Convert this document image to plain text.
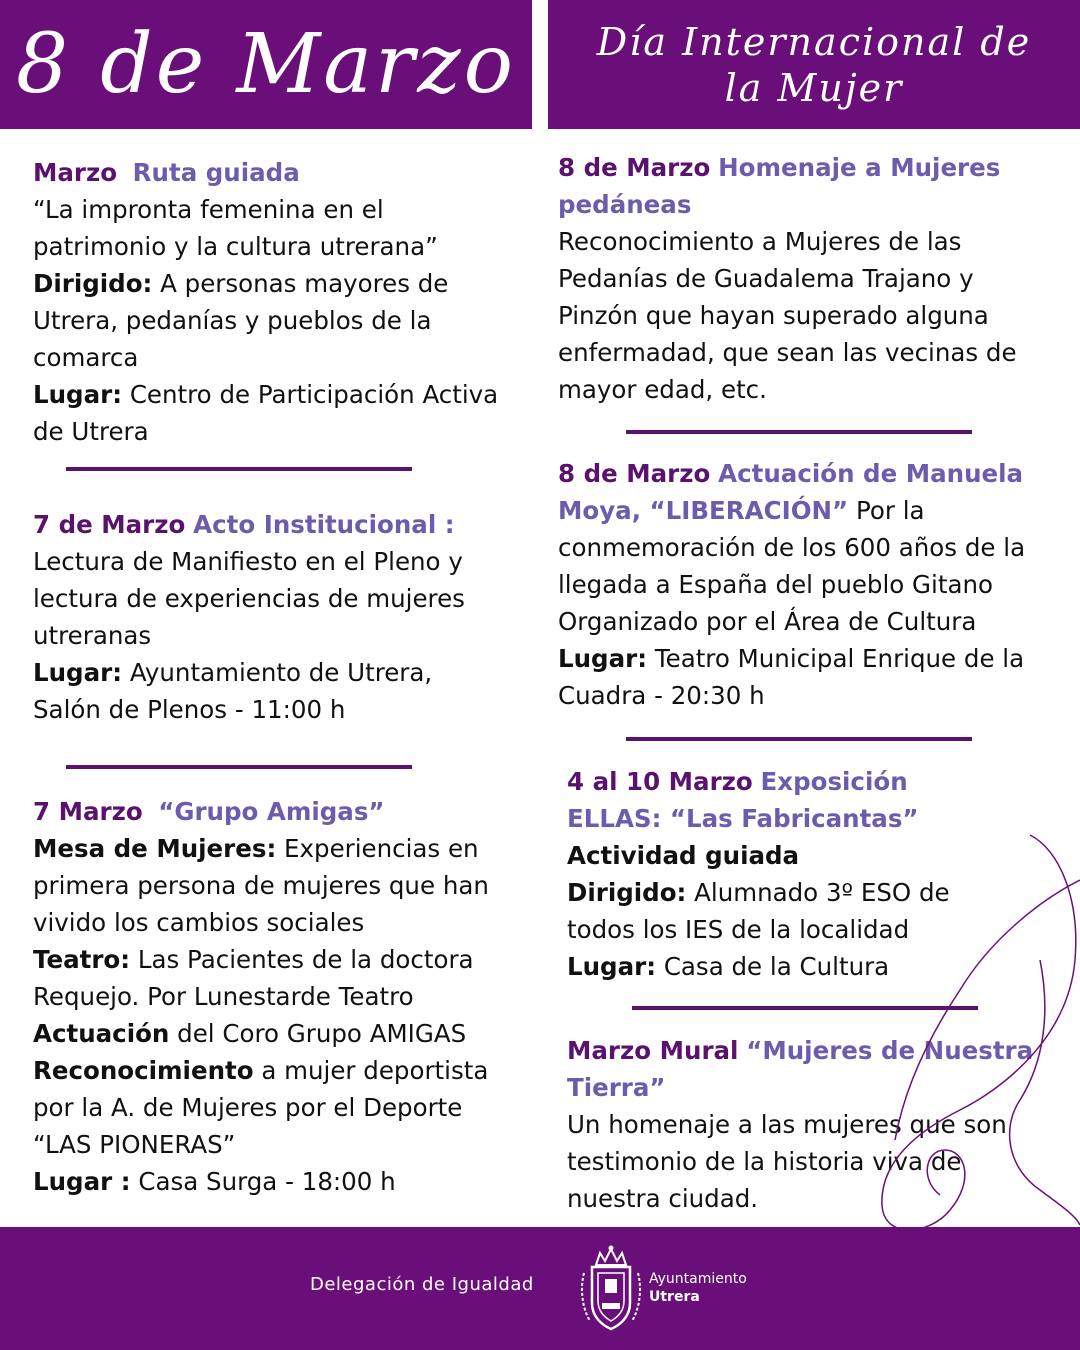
8 de Marzo Día Internacional de
la Mujer

Marzo Ruta guiada

“La impronta femenina en el patrimonio y la cultura utrerana”

Dirigido: A personas mayores de Utrera, pedanías y pueblos de la comarca

Lugar: Centro de Participación Activa de Utrera

7 de Marzo Acto Institucional :

Lectura de Manifiesto en el Pleno y lectura de experiencias de mujeres utreranas

Lugar: Ayuntamiento de Utrera, Salón de Plenos - 11:00 h

7 Marzo “Grupo Amigas”

Mesa de Mujeres: Experiencias en primera persona de mujeres que han vivido los cambios sociales

Teatro: Las Pacientes de la doctora Requejo. Por Lunestarde Teatro

Actuación del Coro Grupo AMIGAS

Reconocimiento a mujer deportista por la A. de Mujeres por el Deporte “LAS PIONERAS”

Lugar : Casa Surga - 18:00 h

8 de Marzo Homenaje a Mujeres pedáneas

Reconocimiento a Mujeres de las Pedanías de Guadalema Trajano y Pinzón que hayan superado alguna enfermadad, que sean las vecinas de mayor edad, etc.

8 de Marzo Actuación de Manuela Moya, “LIBERACIÓN” Por la conmemoración de los 600 años de la llegada a España del pueblo Gitano Organizado por el Área de Cultura

Lugar: Teatro Municipal Enrique de la Cuadra - 20:30 h

4 al 10 Marzo Exposición ELLAS: “Las Fabricantas”

Actividad guiada

Dirigido: Alumnado 3º ESO de todos los IES de la localidad

Lugar: Casa de la Cultura

Marzo Mural “Mujeres de Nuestra Tierra”

Un homenaje a las mujeres que son testimonio de la historia viva de nuestra ciudad.

Delegación de Igualdad	Ayuntamiento
Utrera
